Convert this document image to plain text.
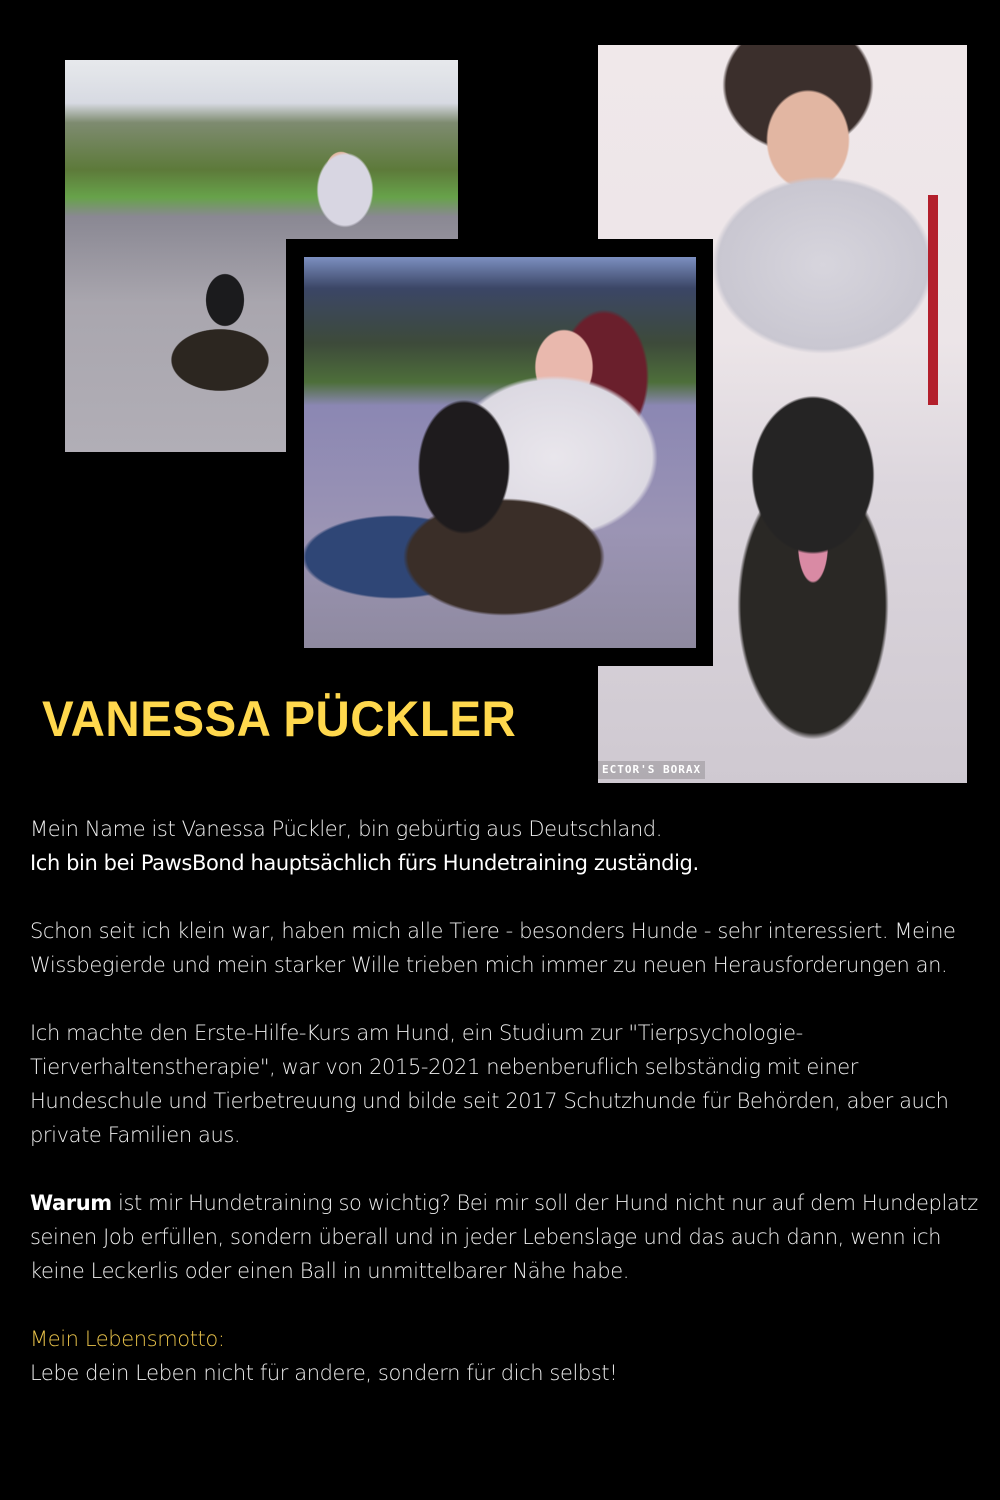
ECTOR'S BORAX
VANESSA PÜCKLER

Mein Name ist Vanessa Pückler, bin gebürtig aus Deutschland.

Ich bin bei PawsBond hauptsächlich fürs Hundetraining zuständig.

Schon seit ich klein war, haben mich alle Tiere - besonders Hunde - sehr interessiert. Meine Wissbegierde und mein starker Wille trieben mich immer zu neuen Herausforderungen an.

Ich machte den Erste-Hilfe-Kurs am Hund, ein Studium zur "Tierpsychologie-Tierverhaltenstherapie", war von 2015-2021 nebenberuflich selbständig mit einer Hundeschule und Tierbetreuung und bilde seit 2017 Schutzhunde für Behörden, aber auch private Familien aus.

Warum ist mir Hundetraining so wichtig? Bei mir soll der Hund nicht nur auf dem Hundeplatz seinen Job erfüllen, sondern überall und in jeder Lebenslage und das auch dann, wenn ich keine Leckerlis oder einen Ball in unmittelbarer Nähe habe.

Mein Lebensmotto:

Lebe dein Leben nicht für andere, sondern für dich selbst!
